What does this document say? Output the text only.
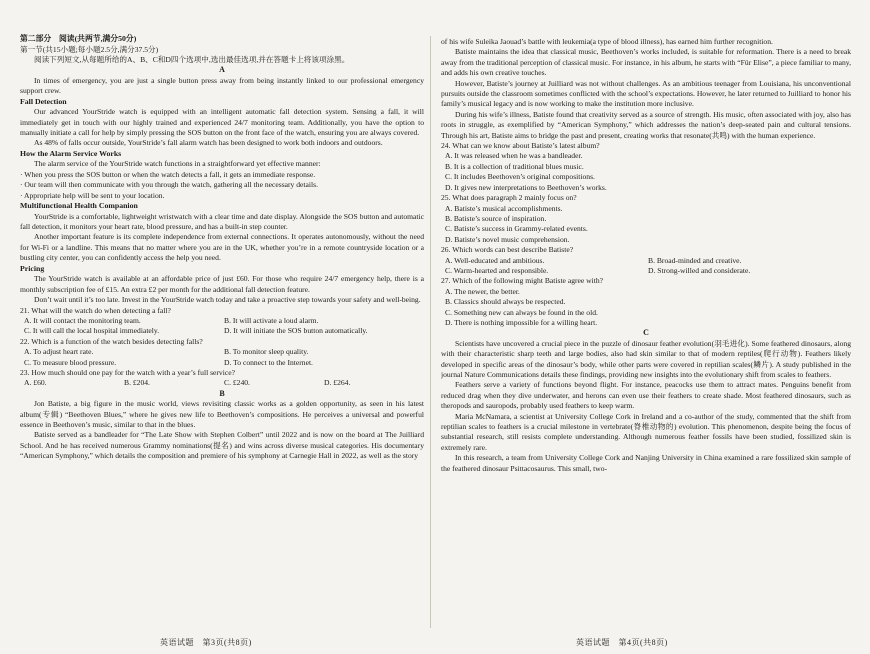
第二部分　阅读(共两节,满分50分)

第一节(共15小题;每小题2.5分,满分37.5分)

阅读下列短文,从每题所给的A、B、C和D四个选项中,选出最佳选项,并在答题卡上将该项涂黑。

A

In times of emergency, you are just a single button press away from being instantly linked to our professional emergency support crew.

Fall Detection

Our advanced YourStride watch is equipped with an intelligent automatic fall detection system. Sensing a fall, it will immediately get in touch with our highly trained and experienced 24/7 monitoring team. Additionally, you have the option to manually initiate a call for help by simply pressing the SOS button on the front face of the watch, ensuring you are always covered.

As 48% of falls occur outside, YourStride’s fall alarm watch has been designed to work both indoors and outdoors.

How the Alarm Service Works

The alarm service of the YourStride watch functions in a straightforward yet effective manner:

· When you press the SOS button or when the watch detects a fall, it gets an immediate response.

· Our team will then communicate with you through the watch, gathering all the necessary details.

· Appropriate help will be sent to your location.

Multifunctional Health Companion

YourStride is a comfortable, lightweight wristwatch with a clear time and date display. Alongside the SOS button and automatic fall detection, it monitors your heart rate, blood pressure, and has a built-in step counter.

Another important feature is its complete independence from external connections. It operates autonomously, without the need for Wi-Fi or a landline. This means that no matter where you are in the UK, whether you’re in a remote countryside location or a bustling city center, you can confidently access the help you need.

Pricing

The YourStride watch is available at an affordable price of just £60. For those who require 24/7 emergency help, there is a monthly subscription fee of £15. An extra £2 per month for the additional fall detection feature.

Don’t wait until it’s too late. Invest in the YourStride watch today and take a proactive step towards your safety and well-being.

21. What will the watch do when detecting a fall?

A. It will contact the monitoring team.	B. It will activate a loud alarm.
C. It will call the local hospital immediately.	D. It will initiate the SOS button automatically.

22. Which is a function of the watch besides detecting falls?

A. To adjust heart rate.	B. To monitor sleep quality.
C. To measure blood pressure.	D. To connect to the Internet.

23. How much should one pay for the watch with a year’s full service?

A. £60.	B. £204.	C. £240.	D. £264.

B

Jon Batiste, a big figure in the music world, views revisiting classic works as a golden opportunity, as seen in his latest album(专辑) “Beethoven Blues,” where he gives new life to Beethoven’s compositions. He perceives a universal and powerful essence in Beethoven’s music, similar to that in the blues.

Batiste served as a bandleader for “The Late Show with Stephen Colbert” until 2022 and is now on the board at The Juilliard School. And he has received numerous Grammy nominations(提名) and wins across diverse musical categories. His documentary “American Symphony,” which details the composition and premiere of his symphony at Carnegie Hall in 2022, as well as the story

英语试题　第3页(共8页)

of his wife Suleika Jaouad’s battle with leukemia(a type of blood illness), has earned him further recognition.

Batiste maintains the idea that classical music, Beethoven’s works included, is suitable for reformation. There is a need to break away from the traditional perception of classical music. For instance, in his album, he starts with “Für Elise”, a piece familiar to many, and adds his own creative touches.

However, Batiste’s journey at Juilliard was not without challenges. As an ambitious teenager from Louisiana, his unconventional pursuits outside the classroom sometimes conflicted with the school’s expectations. However, he later returned to Juilliard to honor his family’s musical legacy and is now working to make the institution more inclusive.

During his wife’s illness, Batiste found that creativity served as a source of strength. His music, often associated with joy, also has roots in struggle, as exemplified by “American Symphony,” which addresses the nation’s deep-seated pain and cultural tensions. Through his art, Batiste aims to bridge the past and present, creating works that resonate(共鸣) with the human experience.

24. What can we know about Batiste’s latest album?

A. It was released when he was a bandleader.

B. It is a collection of traditional blues music.

C. It includes Beethoven’s original compositions.

D. It gives new interpretations to Beethoven’s works.

25. What does paragraph 2 mainly focus on?

A. Batiste’s musical accomplishments.

B. Batiste’s source of inspiration.

C. Batiste’s success in Grammy-related events.

D. Batiste’s novel music comprehension.

26. Which words can best describe Batiste?

A. Well-educated and ambitious.	B. Broad-minded and creative.
C. Warm-hearted and responsible.	D. Strong-willed and considerate.

27. Which of the following might Batiste agree with?

A. The newer, the better.

B. Classics should always be respected.

C. Something new can always be found in the old.

D. There is nothing impossible for a willing heart.

C

Scientists have uncovered a crucial piece in the puzzle of dinosaur feather evolution(羽毛进化). Some feathered dinosaurs, along with their characteristic sharp teeth and large bodies, also had skin similar to that of modern reptiles(爬行动物). Feathers likely developed in specific areas of the dinosaur’s body, while other parts were covered in reptilian scales(鳞片). A study published in the journal Nature Communications details these findings, providing new insights into the evolutionary shift from scales to feathers.

Feathers serve a variety of functions beyond flight. For instance, peacocks use them to attract mates. Penguins benefit from reduced drag when they dive underwater, and herons can even use their feathers to create shade. Most feathered dinosaurs, such as theropods and sauropods, probably used feathers to keep warm.

Maria McNamara, a scientist at University College Cork in Ireland and a co-author of the study, commented that the shift from reptilian scales to feathers is a crucial milestone in vertebrate(脊椎动物的) evolution. This phenomenon, despite being the focus of substantial research, still resists complete understanding. Although numerous feather fossils have been studied, fossilized skin is extremely rare.

In this research, a team from University College Cork and Nanjing University in China examined a rare fossilized skin sample of the feathered dinosaur Psittacosaurus. This small, two-

英语试题　第4页(共8页)
